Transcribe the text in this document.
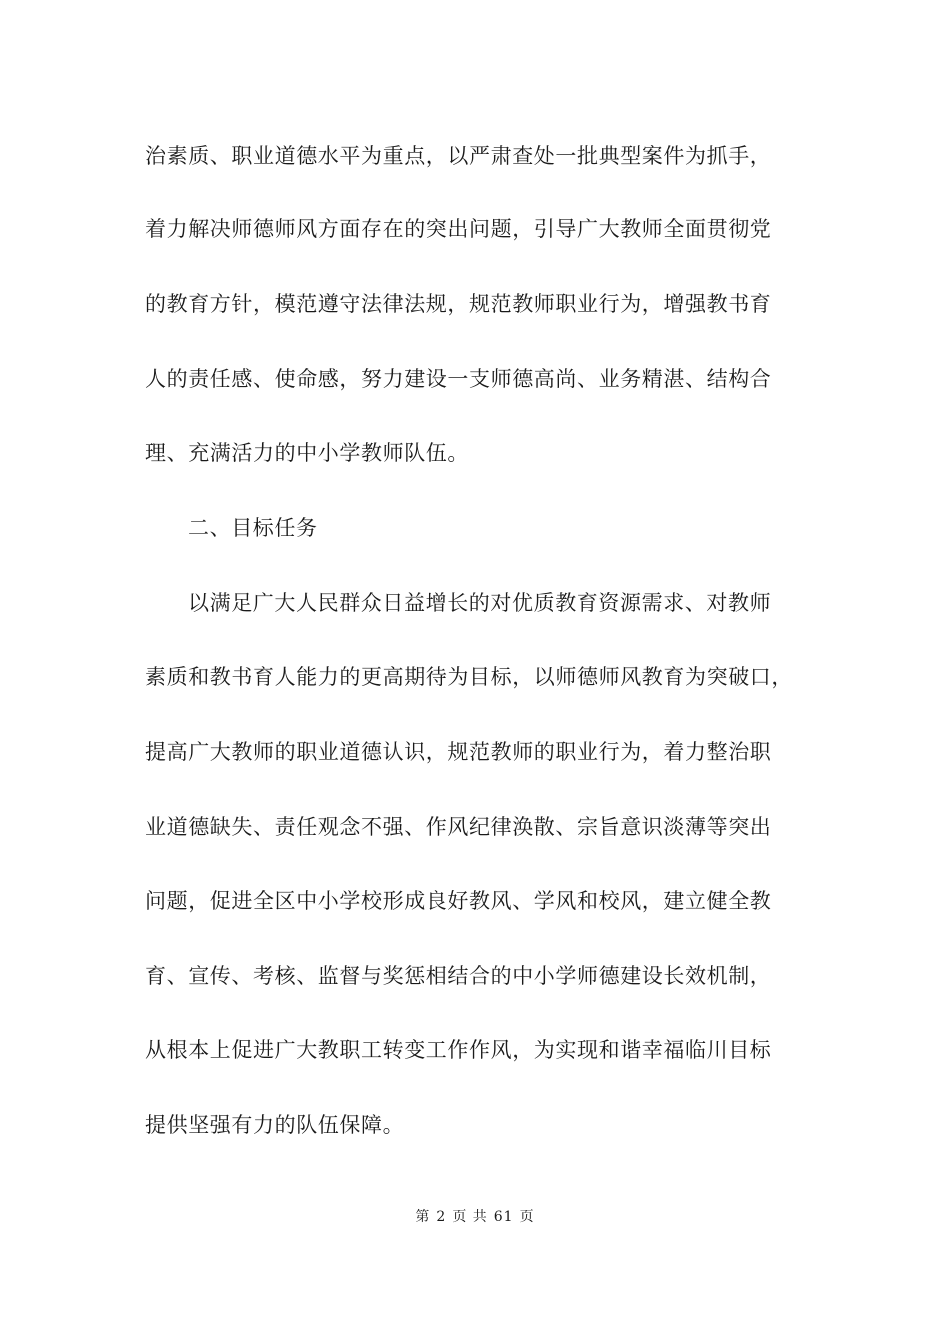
治素质、职业道德水平为重点，以严肃查处一批典型案件为抓手，
着力解决师德师风方面存在的突出问题，引导广大教师全面贯彻党
的教育方针，模范遵守法律法规，规范教师职业行为，增强教书育
人的责任感、使命感，努力建设一支师德高尚、业务精湛、结构合
理、充满活力的中小学教师队伍。
二、目标任务
以满足广大人民群众日益增长的对优质教育资源需求、对教师
素质和教书育人能力的更高期待为目标，以师德师风教育为突破口，
提高广大教师的职业道德认识，规范教师的职业行为，着力整治职
业道德缺失、责任观念不强、作风纪律涣散、宗旨意识淡薄等突出
问题，促进全区中小学校形成良好教风、学风和校风，建立健全教
育、宣传、考核、监督与奖惩相结合的中小学师德建设长效机制，
从根本上促进广大教职工转变工作作风，为实现和谐幸福临川目标
提供坚强有力的队伍保障。
第 2 页 共 61 页
